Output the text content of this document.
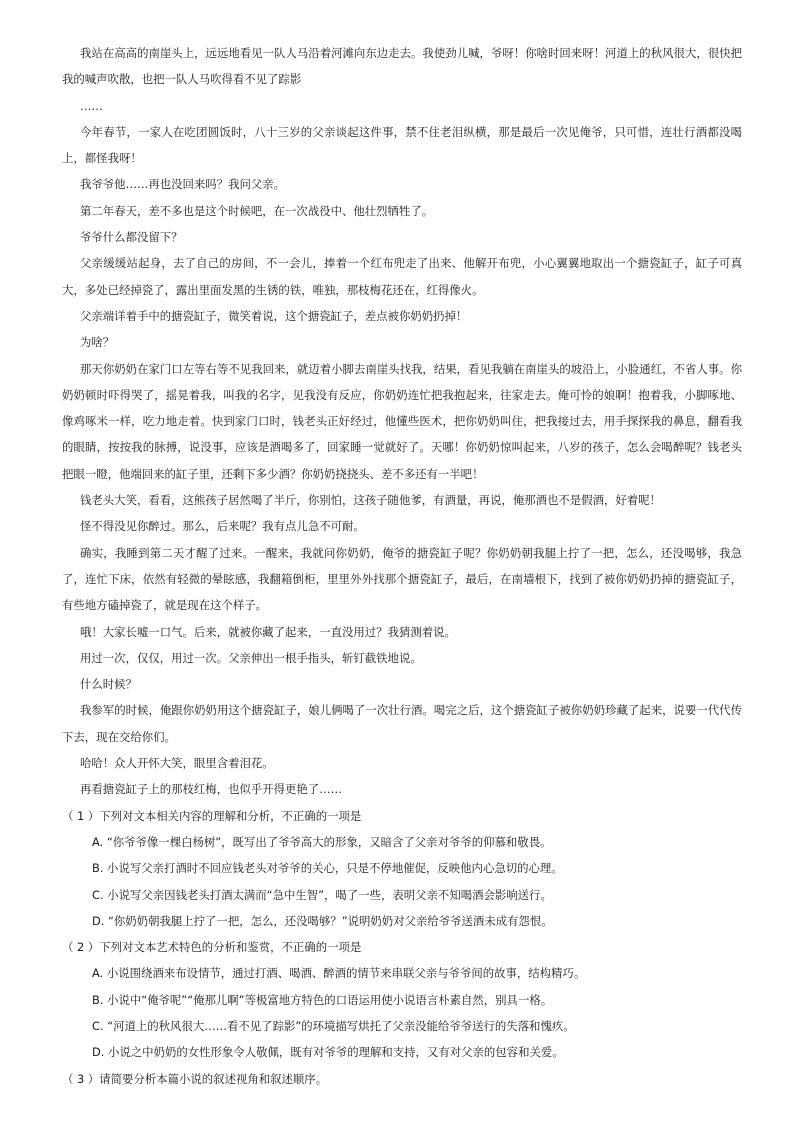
我站在高高的南崖头上，远远地看见一队人马沿着河滩向东边走去。我使劲儿喊，爷呀！你啥时回来呀！河道上的秋风很大，很快把我的喊声吹散，也把一队人马吹得看不见了踪影

……

今年春节，一家人在吃团圆饭时，八十三岁的父亲谈起这件事，禁不住老泪纵横，那是最后一次见俺爷，只可惜，连壮行酒都没喝上，都怪我呀！

我爷爷他……再也没回来吗？我问父亲。

第二年春天，差不多也是这个时候吧，在一次战役中、他壮烈牺牲了。

爷爷什么都没留下？

父亲缓缓站起身，去了自己的房间，不一会儿，捧着一个红布兜走了出来、他解开布兜，小心翼翼地取出一个搪瓷缸子，缸子可真大，多处已经掉瓷了，露出里面发黑的生锈的铁，唯独，那枝梅花还在，红得像火。

父亲端详着手中的搪瓷缸子，微笑着说，这个搪瓷缸子，差点被你奶奶扔掉！

为啥？

那天你奶奶在家门口左等右等不见我回来，就迈着小脚去南崖头找我，结果，看见我躺在南崖头的坡沿上，小脸通红，不省人事。你奶奶顿时吓得哭了，摇晃着我，叫我的名字，见我没有反应，你奶奶连忙把我抱起来，往家走去。俺可怜的娘啊！抱着我，小脚啄地、像鸡啄米一样，吃力地走着。快到家门口时，钱老头正好经过，他懂些医术，把你奶奶叫住，把我接过去，用手探探我的鼻息，翻看我的眼睛，按按我的脉搏，说没事，应该是酒喝多了，回家睡一觉就好了。天哪！你奶奶惊叫起来，八岁的孩子，怎么会喝醉呢？钱老头把眼一瞪，他端回来的缸子里，还剩下多少酒？你奶奶挠挠头、差不多还有一半吧！

钱老头大笑，看看，这熊孩子居然喝了半斤，你别怕，这孩子随他爹，有酒量，再说，俺那酒也不是假酒，好着呢！

怪不得没见你醉过。那么，后来呢？我有点儿急不可耐。

确实，我睡到第二天才醒了过来。一醒来，我就问你奶奶，俺爷的搪瓷缸子呢？你奶奶朝我腿上拧了一把，怎么，还没喝够，我急了，连忙下床，依然有轻微的晕眩感，我翻箱倒柜，里里外外找那个搪瓷缸子，最后，在南墙根下，找到了被你奶奶扔掉的搪瓷缸子，有些地方磕掉瓷了，就是现在这个样子。

哦！大家长嘘一口气。后来，就被你藏了起来，一直没用过？我猜测着说。

用过一次，仅仅，用过一次。父亲伸出一根手指头，斩钉截铁地说。

什么时候？

我参军的时候，俺跟你奶奶用这个搪瓷缸子，娘儿俩喝了一次壮行酒。喝完之后，这个搪瓷缸子被你奶奶珍藏了起来，说要一代代传下去，现在交给你们。

哈哈！众人开怀大笑，眼里含着泪花。

再看搪瓷缸子上的那枝红梅，也似乎开得更艳了……

（ 1 ）下列对文本相关内容的理解和分析，不正确的一项是

A. “你爷爷像一棵白杨树”，既写出了爷爷高大的形象，又暗含了父亲对爷爷的仰慕和敬畏。
B. 小说写父亲打酒时不回应钱老头对爷爷的关心，只是不停地催促，反映他内心急切的心理。
C. 小说写父亲因钱老头打酒太满而“急中生智”，喝了一些，表明父亲不知喝酒会影响送行。
D. “你奶奶朝我腿上拧了一把，怎么，还没喝够？”说明奶奶对父亲给爷爷送酒未成有怨恨。

（ 2 ）下列对文本艺术特色的分析和鉴赏，不正确的一项是

A. 小说围绕酒来布设情节，通过打酒、喝酒、醉酒的情节来串联父亲与爷爷间的故事，结构精巧。
B. 小说中“俺爷呢”“俺那儿啊”等极富地方特色的口语运用使小说语言朴素自然，别具一格。
C. “河道上的秋风很大……看不见了踪影”的环境描写烘托了父亲没能给爷爷送行的失落和愧疚。
D. 小说之中奶奶的女性形象令人敬佩，既有对爷爷的理解和支持，又有对父亲的包容和关爱。

（ 3 ）请简要分析本篇小说的叙述视角和叙述顺序。
